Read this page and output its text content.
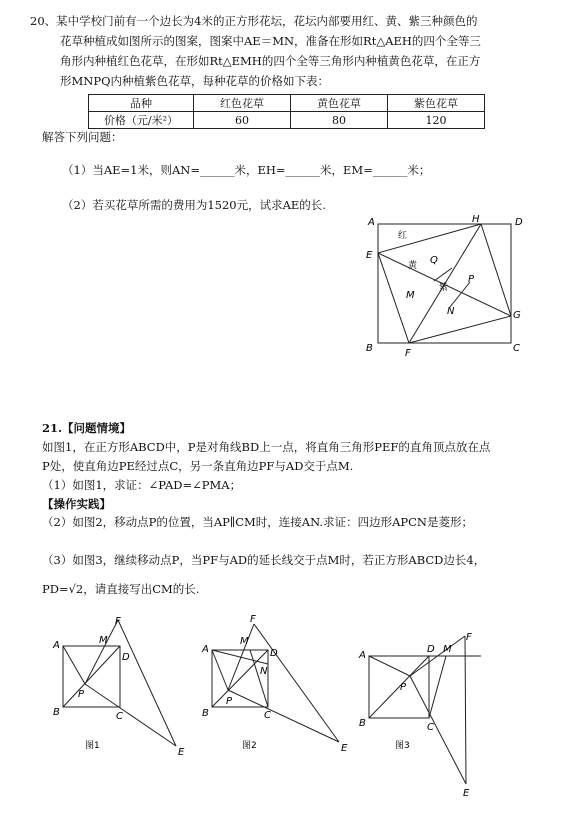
20、某中学校门前有一个边长为4米的正方形花坛，花坛内部要用红、黄、紫三种颜色的
花草种植成如图所示的图案，图案中AE＝MN，准备在形如Rt△AEH的四个全等三
角形内种植红色花草，在形如Rt△EMH的四个全等三角形内种植黄色花草，在正方
形MNPQ内种植紫色花草，每种花草的价格如下表：
品种	红色花草	黄色花草	紫色花草
价格（元/米²）	60	80	120
解答下列问题：
（1）当AE=1米，则AN=______米，EH=______米，EM=______米；
（2）若买花草所需的费用为1520元，试求AE的长.
A	H	D
E	Q
P
M
N	G
B	F	C
红
黄
紫
21.【问题情境】
如图1，在正方形ABCD中，P是对角线BD上一点，将直角三角形PEF的直角顶点放在点
P处，使直角边PE经过点C，另一条直角边PF与AD交于点M.
（1）如图1，求证：∠PAD=∠PMA；
【操作实践】
（2）如图2，移动点P的位置，当AP∥CM时，连接AN.求证：四边形APCN是菱形；
（3）如图3，继续移动点P，当PF与AD的延长线交于点M时，若正方形ABCD边长4，
PD=√2，请直接写出CM的长.
A	M
F
D
P
B	C
E
图1
A
M
F
D
N
P
B	C
E
图2
A
D M
F
P
B	C
E
图3
